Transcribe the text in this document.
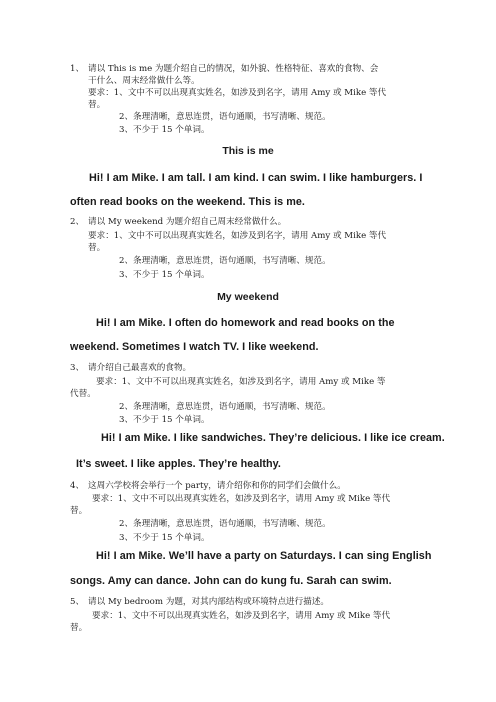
1、 请以 This is me 为题介绍自己的情况，如外貌、性格特征、喜欢的食物、会
干什么、周末经常做什么等。
要求：1、文中不可以出现真实姓名，如涉及到名字，请用 Amy 或 Mike 等代
替。
2、条理清晰，意思连贯，语句通顺，书写清晰、规范。
3、不少于 15 个单词。
This is me
Hi! I am Mike. I am tall. I am kind. I can swim. I like hamburgers. I
often read books on the weekend. This is me.
2、 请以 My weekend 为题介绍自己周末经常做什么。
要求：1、文中不可以出现真实姓名，如涉及到名字，请用 Amy 或 Mike 等代
替。
2、条理清晰，意思连贯，语句通顺，书写清晰、规范。
3、不少于 15 个单词。
My weekend
Hi! I am Mike. I often do homework and read books on the
weekend. Sometimes I watch TV. I like weekend.
3、 请介绍自己最喜欢的食物。
要求：1、文中不可以出现真实姓名，如涉及到名字，请用 Amy 或 Mike 等
代替。
2、条理清晰，意思连贯，语句通顺，书写清晰、规范。
3、不少于 15 个单词。
Hi! I am Mike. I like sandwiches. They’re delicious. I like ice cream.
It’s sweet. I like apples. They’re healthy.
4、 这周六学校将会举行一个 party，请介绍你和你的同学们会做什么。
要求：1、文中不可以出现真实姓名，如涉及到名字，请用 Amy 或 Mike 等代
替。
2、条理清晰，意思连贯，语句通顺，书写清晰、规范。
3、不少于 15 个单词。
Hi! I am Mike. We’ll have a party on Saturdays. I can sing English
songs. Amy can dance. John can do kung fu. Sarah can swim.
5、 请以 My bedroom 为题，对其内部结构或环境特点进行描述。
要求：1、文中不可以出现真实姓名，如涉及到名字，请用 Amy 或 Mike 等代
替。
